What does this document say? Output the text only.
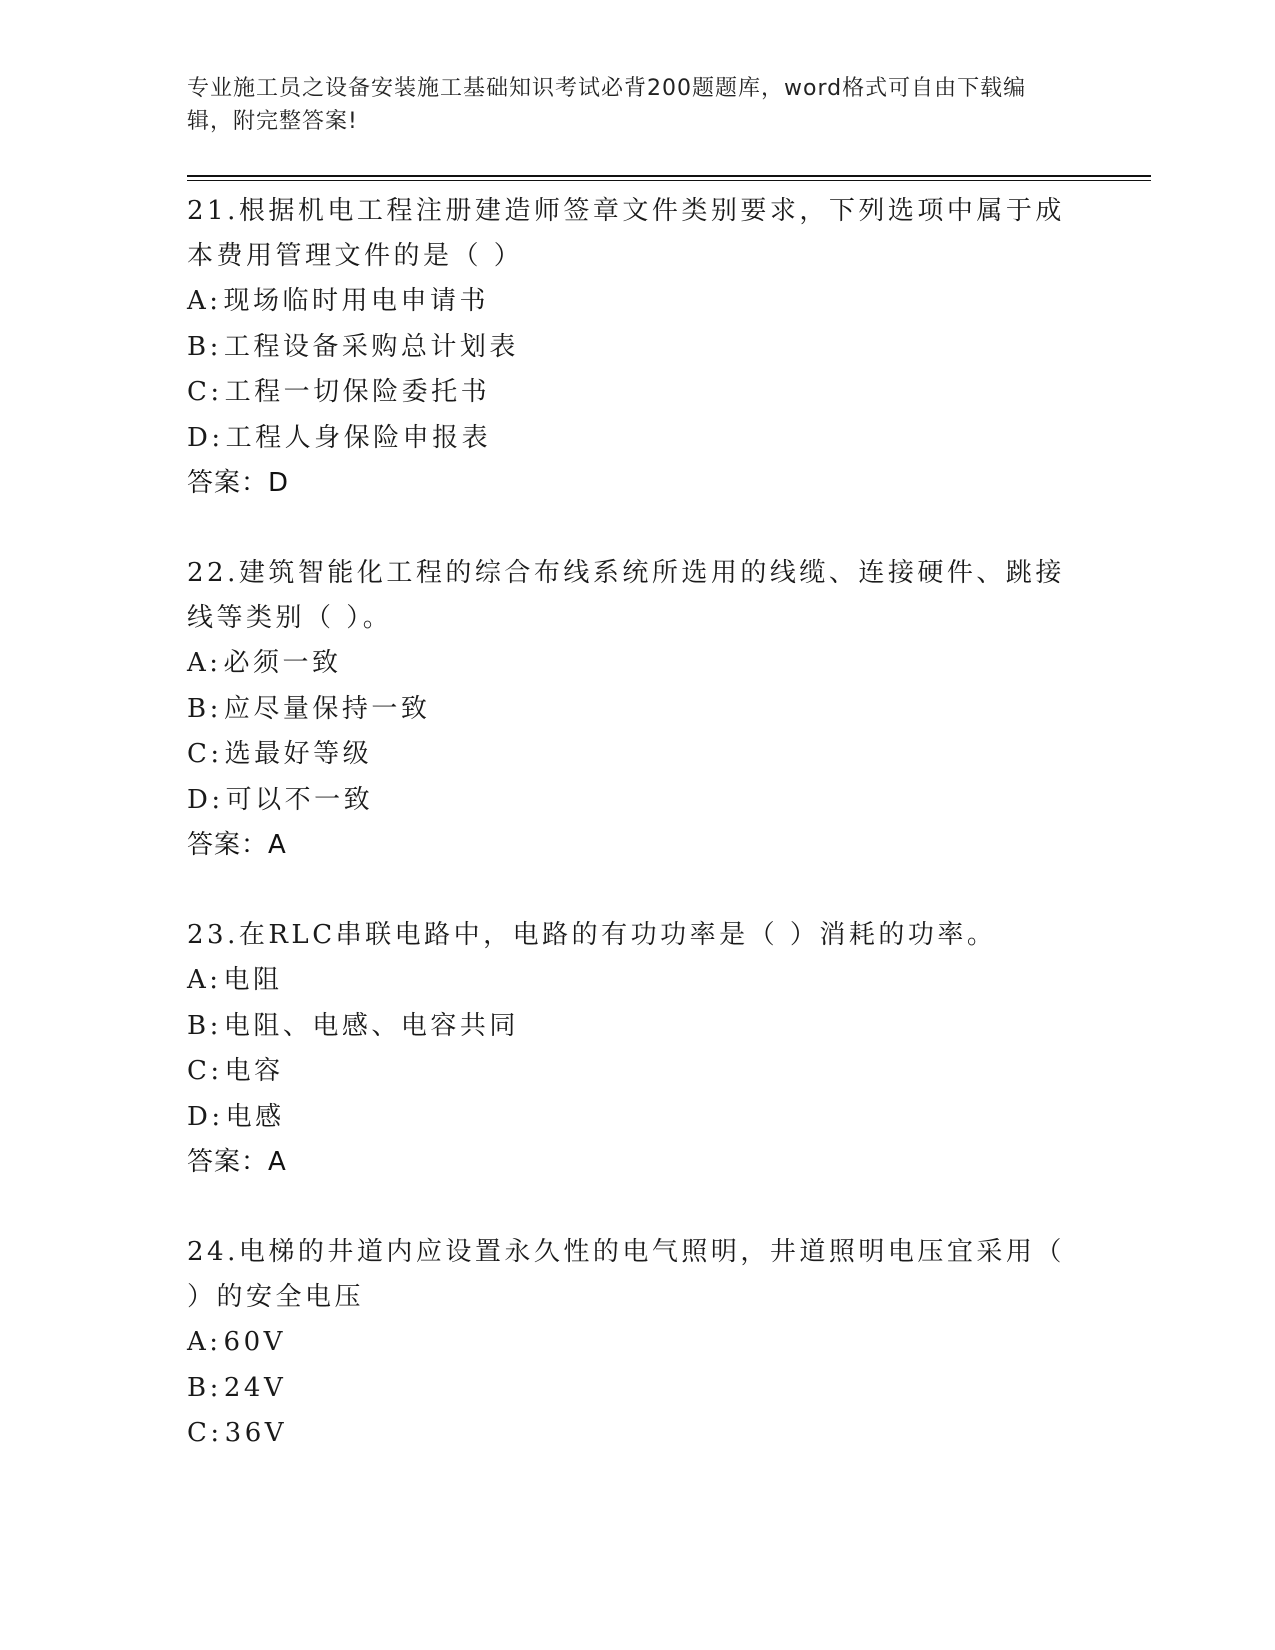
专业施工员之设备安装施工基础知识考试必背200题题库，word格式可自由下载编辑，附完整答案!
21.根据机电工程注册建造师签章文件类别要求，下列选项中属于成本费用管理文件的是（ ）
A:现场临时用电申请书
B:工程设备采购总计划表
C:工程一切保险委托书
D:工程人身保险申报表
答案：D
22.建筑智能化工程的综合布线系统所选用的线缆、连接硬件、跳接线等类别（ ）。
A:必须一致
B:应尽量保持一致
C:选最好等级
D:可以不一致
答案：A
23.在RLC串联电路中，电路的有功功率是（ ）消耗的功率。
A:电阻
B:电阻、电感、电容共同
C:电容
D:电感
答案：A
24.电梯的井道内应设置永久性的电气照明，井道照明电压宜采用（ ）的安全电压
A:60V
B:24V
C:36V
